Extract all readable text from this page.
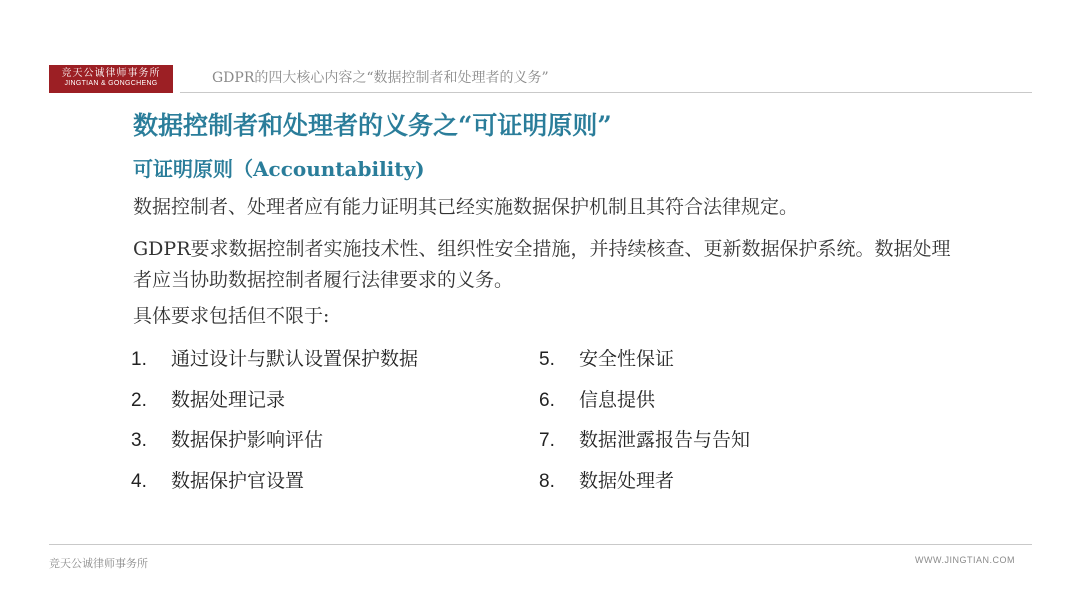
竞天公诚律师事务所
JINGTIAN & GONGCHENG	GDPR的四大核心内容之“数据控制者和处理者的义务”
数据控制者和处理者的义务之“可证明原则”
可证明原则（Accountability)
数据控制者、处理者应有能力证明其已经实施数据保护机制且其符合法律规定。
GDPR要求数据控制者实施技术性、组织性安全措施，并持续核查、更新数据保护系统。数据处理者应当协助数据控制者履行法律要求的义务。
具体要求包括但不限于:
1. 通过设计与默认设置保护数据
2. 数据处理记录
3. 数据保护影响评估
4. 数据保护官设置
5. 安全性保证
6. 信息提供
7. 数据泄露报告与告知
8. 数据处理者
竞天公诚律师事务所	WWW.JINGTIAN.COM
